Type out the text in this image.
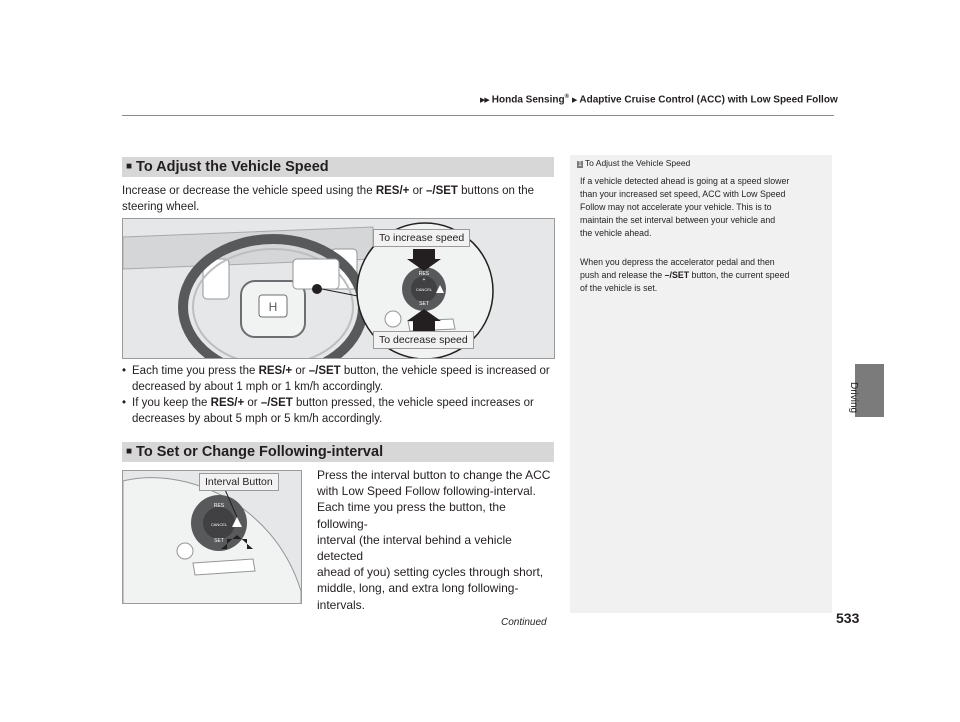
▶▶ Honda Sensing®▶ Adaptive Cruise Control (ACC) with Low Speed Follow
Driving
■ To Adjust the Vehicle Speed
Increase or decrease the vehicle speed using the RES/+ or –/SET buttons on the
steering wheel.
H
RES
+
CANCEL
SET
To increase speed
To decrease speed
• Each time you press the RES/+ or –/SET button, the vehicle speed is increased or
decreased by about 1 mph or 1 km/h accordingly.
• If you keep the RES/+ or –/SET button pressed, the vehicle speed increases or
decreases by about 5 mph or 5 km/h accordingly.
■ To Set or Change Following-interval
RES
CANCEL
SET
Interval Button	Press the interval button to change the ACC
with Low Speed Follow following-interval.
Each time you press the button, the following-
interval (the interval behind a vehicle detected
ahead of you) setting cycles through short,
middle, long, and extra long following-
intervals.
1 To Adjust the Vehicle Speed
If a vehicle detected ahead is going at a speed slower
than your increased set speed, ACC with Low Speed
Follow may not accelerate your vehicle. This is to
maintain the set interval between your vehicle and
the vehicle ahead.
When you depress the accelerator pedal and then
push and release the –/SET button, the current speed
of the vehicle is set.
Continued	533
